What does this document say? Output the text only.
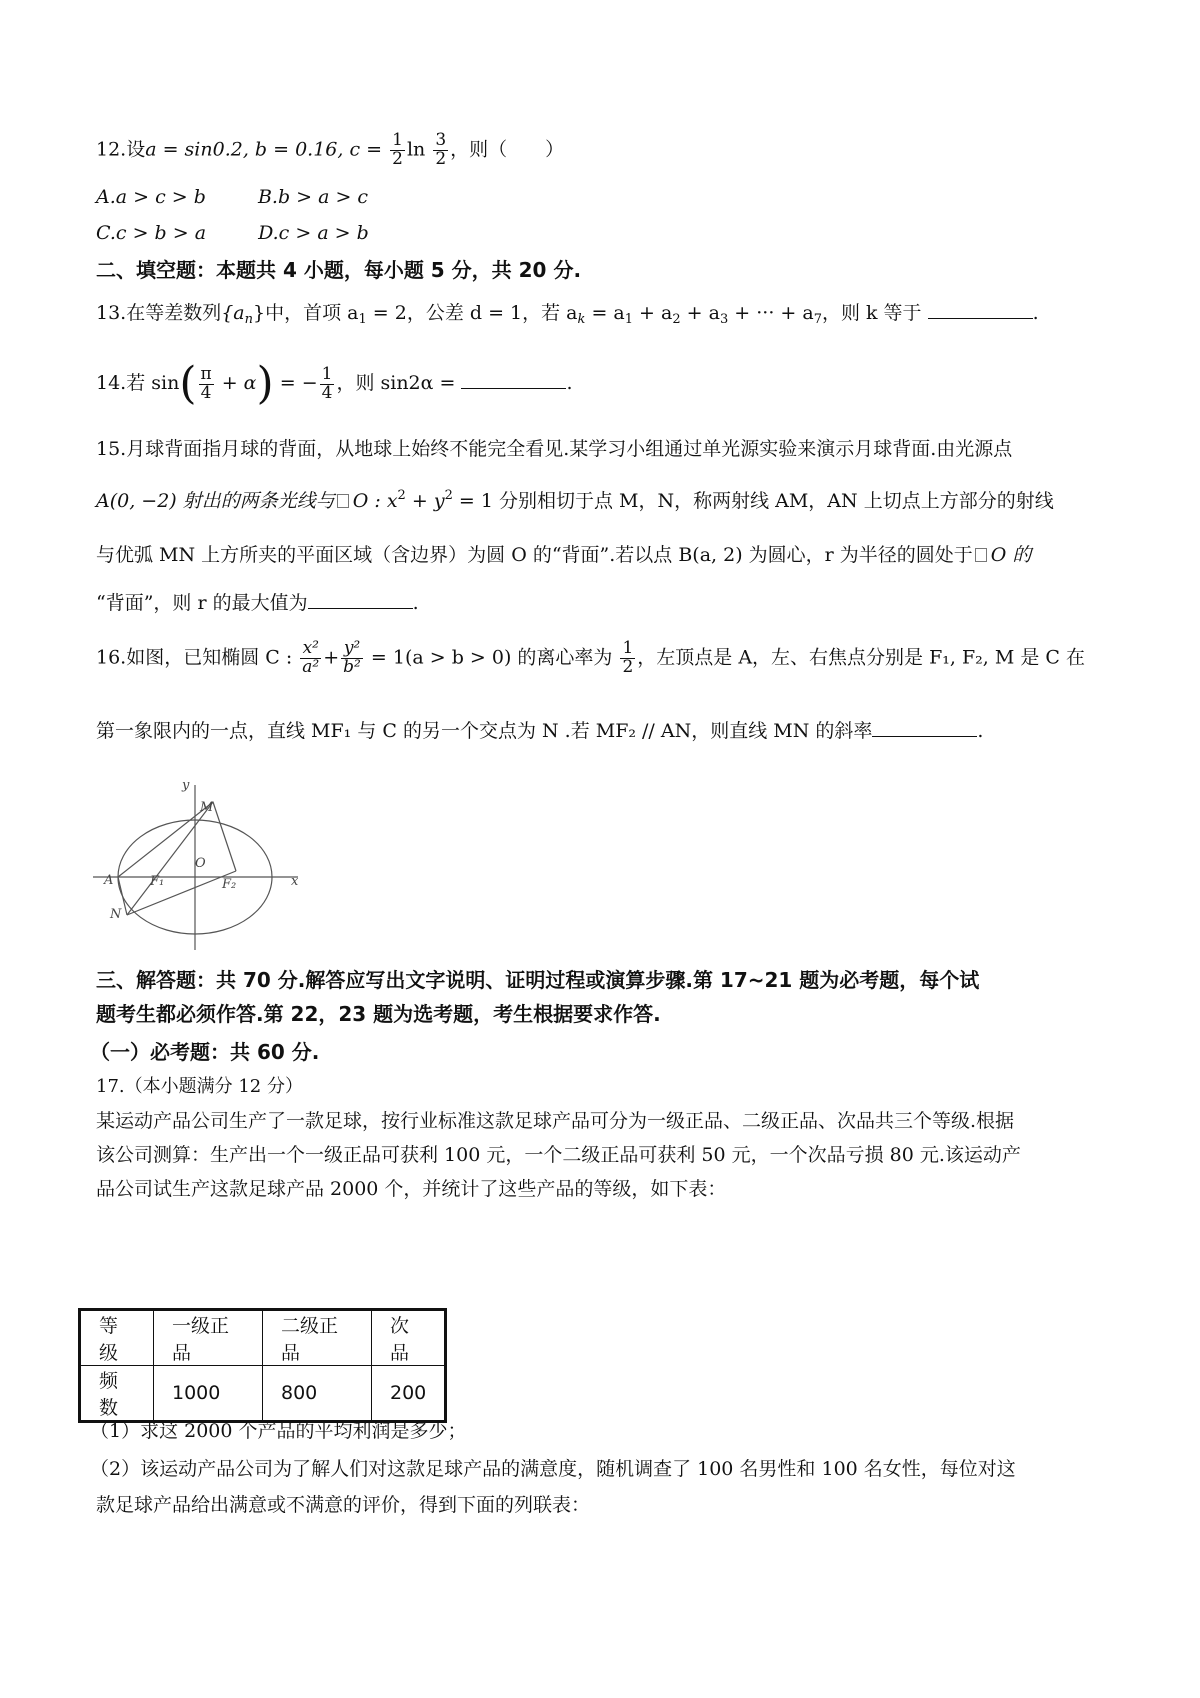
12.设a = sin0.2, b = 0.16, $c = \frac{1}{2}$ $\ln \frac{3}{2}$ ，则（　　）
A.a > c > b	B.b > a > c
C.c > b > a	D.c > a > b
二、填空题：本题共 4 小题，每小题 5 分，共 20 分.
13.在等差数列$\{a_n\}$中，首项 $a_1 = 2$，公差 d = 1，若 $a_k = a_1 + a_2 + a_3$ + ··· + $a_7$，则 k 等于	.
14.若 $\sin( \frac{\pi}{4} + \alpha)$ = − $\frac{1}{4}$ ，则 sin2α =	.
15.月球背面指月球的背面，从地球上始终不能完全看见.某学习小组通过单光源实验来演示月球背面.由光源点
A(0, −2) 射出的两条光线与 O : $x^2 + y^2 = 1$ 分别相切于点 M，N，称两射线 AM，AN 上切点上方部分的射线
与优弧 MN 上方所夹的平面区域（含边界）为圆 O 的“背面”.若以点 B(a, 2) 为圆心，r 为半径的圆处于 O 的
“背面”，则 r 的最大值为	.
16.如图，已知椭圆 C : $\frac{\text{x²}}{\text{a²}} + \frac{\text{y²}}{\text{b²}} = 1(a > b > 0)$ 的离心率为 $\frac{1}{2}$ ，左顶点是 A，左、右焦点分别是 F₁, F₂, M 是 C 在
第一象限内的一点，直线 MF₁ 与 C 的另一个交点为 N .若 MF₂ // AN，则直线 MN 的斜率	.
y
x
M
O
A
N
F₁	F₂
三、解答题：共 70 分.解答应写出文字说明、证明过程或演算步骤.第 17~21 题为必考题，每个试
题考生都必须作答.第 22，23 题为选考题，考生根据要求作答.
（一）必考题：共 60 分.
17.（本小题满分 12 分）
某运动产品公司生产了一款足球，按行业标准这款足球产品可分为一级正品、二级正品、次品共三个等级.根据
该公司测算：生产出一个一级正品可获利 100 元，一个二级正品可获利 50 元，一个次品亏损 80 元.该运动产
品公司试生产这款足球产品 2000 个，并统计了这些产品的等级，如下表：
等级	一级正品	二级正品	次品
频数	1000	800	200
（1）求这 2000 个产品的平均利润是多少；
（2）该运动产品公司为了解人们对这款足球产品的满意度，随机调查了 100 名男性和 100 名女性，每位对这
款足球产品给出满意或不满意的评价，得到下面的列联表：
